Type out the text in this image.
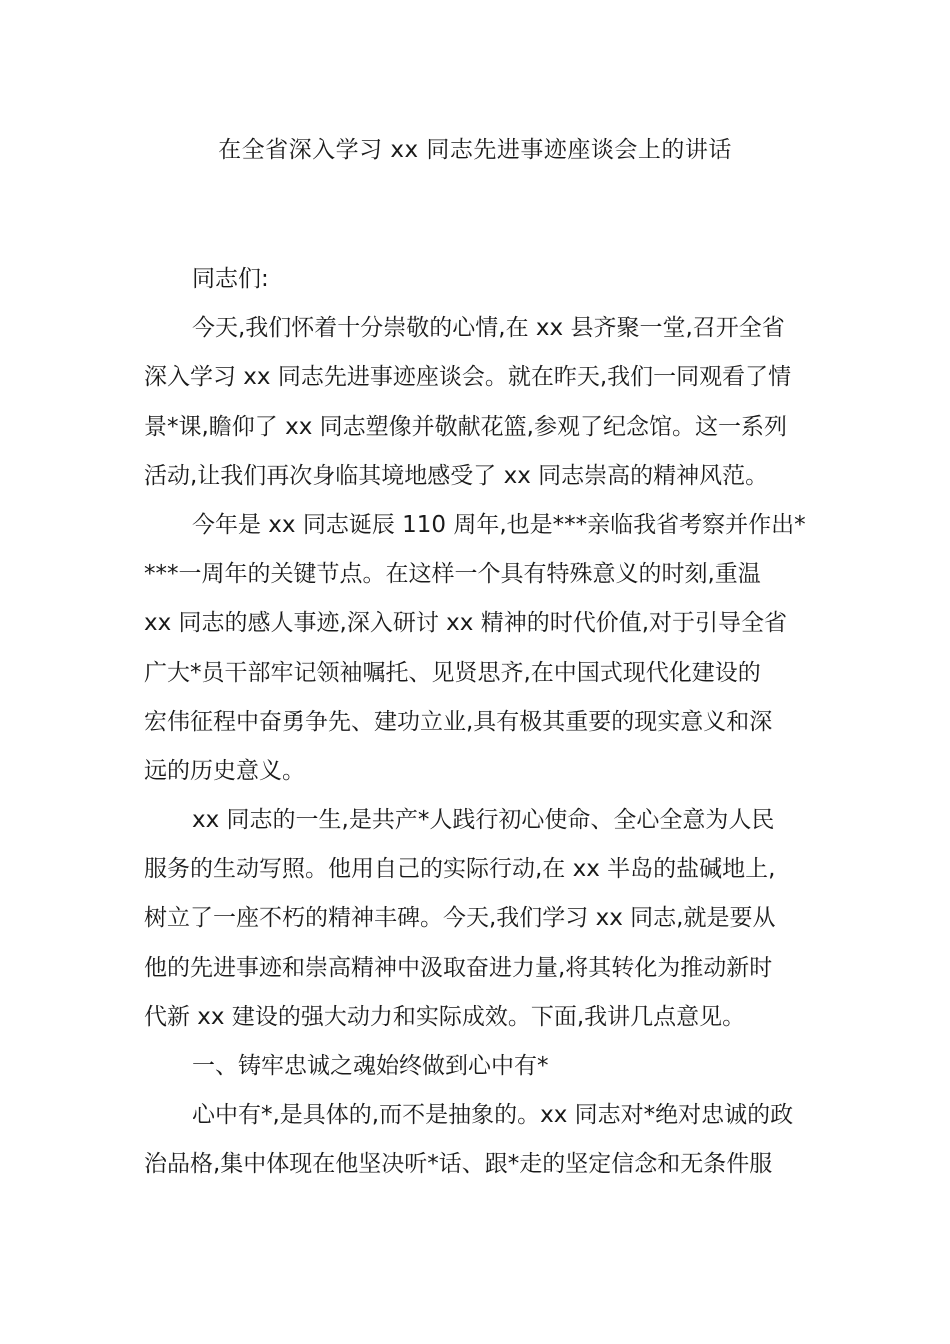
在全省深入学习 xx 同志先进事迹座谈会上的讲话
同志们:
今天,我们怀着十分崇敬的心情,在 xx 县齐聚一堂,召开全省
深入学习 xx 同志先进事迹座谈会。就在昨天,我们一同观看了情
景*课,瞻仰了 xx 同志塑像并敬献花篮,参观了纪念馆。这一系列
活动,让我们再次身临其境地感受了 xx 同志崇高的精神风范。
今年是 xx 同志诞辰 110 周年,也是***亲临我省考察并作出*
***一周年的关键节点。在这样一个具有特殊意义的时刻,重温
xx 同志的感人事迹,深入研讨 xx 精神的时代价值,对于引导全省
广大*员干部牢记领袖嘱托、见贤思齐,在中国式现代化建设的
宏伟征程中奋勇争先、建功立业,具有极其重要的现实意义和深
远的历史意义。
xx 同志的一生,是共产*人践行初心使命、全心全意为人民
服务的生动写照。他用自己的实际行动,在 xx 半岛的盐碱地上,
树立了一座不朽的精神丰碑。今天,我们学习 xx 同志,就是要从
他的先进事迹和崇高精神中汲取奋进力量,将其转化为推动新时
代新 xx 建设的强大动力和实际成效。下面,我讲几点意见。
一、铸牢忠诚之魂始终做到心中有*
心中有*,是具体的,而不是抽象的。xx 同志对*绝对忠诚的政
治品格,集中体现在他坚决听*话、跟*走的坚定信念和无条件服
